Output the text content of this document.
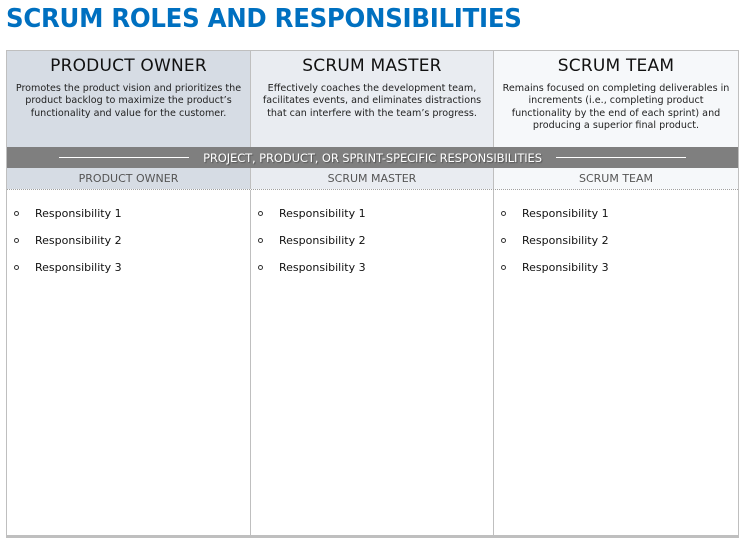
SCRUM ROLES AND RESPONSIBILITIES
PRODUCT OWNER
Promotes the product vision and prioritizes the product backlog to maximize the product’s functionality and value for the customer.
SCRUM MASTER
Effectively coaches the development team, facilitates events, and eliminates distractions that can interfere with the team’s progress.
SCRUM TEAM
Remains focused on completing deliverables in increments (i.e., completing product functionality by the end of each sprint) and producing a superior final product.
PROJECT, PRODUCT, OR SPRINT-SPECIFIC RESPONSIBILITIES
PRODUCT OWNER	SCRUM MASTER	SCRUM TEAM
Responsibility 1
Responsibility 2
Responsibility 3
Responsibility 1
Responsibility 2
Responsibility 3
Responsibility 1
Responsibility 2
Responsibility 3
